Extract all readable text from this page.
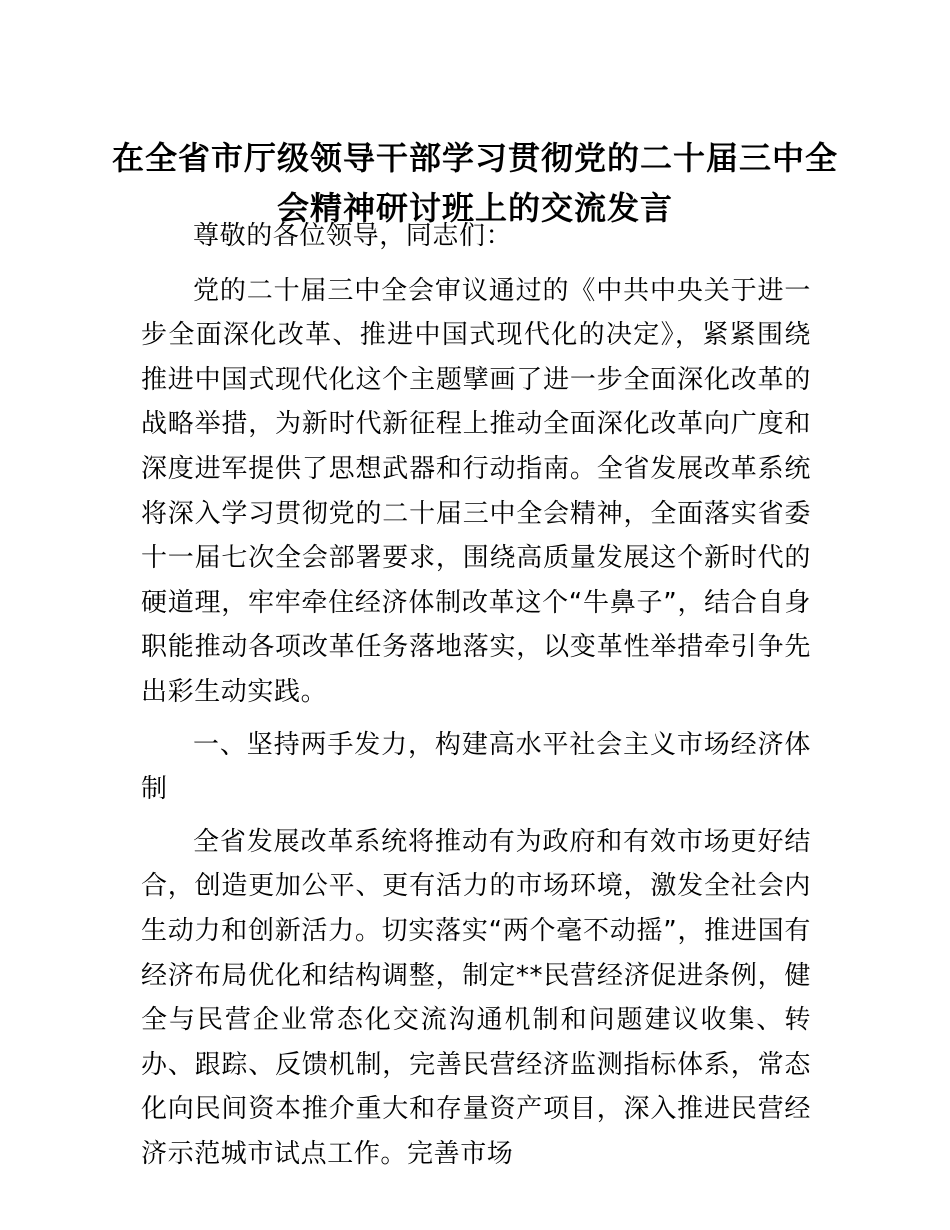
在全省市厅级领导干部学习贯彻党的二十届三中全会精神研讨班上的交流发言

尊敬的各位领导，同志们：

党的二十届三中全会审议通过的《中共中央关于进一步全面深化改革、推进中国式现代化的决定》，紧紧围绕推进中国式现代化这个主题擘画了进一步全面深化改革的战略举措，为新时代新征程上推动全面深化改革向广度和深度进军提供了思想武器和行动指南。全省发展改革系统将深入学习贯彻党的二十届三中全会精神，全面落实省委十一届七次全会部署要求，围绕高质量发展这个新时代的硬道理，牢牢牵住经济体制改革这个“牛鼻子”，结合自身职能推动各项改革任务落地落实，以变革性举措牵引争先出彩生动实践。

一、坚持两手发力，构建高水平社会主义市场经济体制

全省发展改革系统将推动有为政府和有效市场更好结合，创造更加公平、更有活力的市场环境，激发全社会内生动力和创新活力。切实落实“两个毫不动摇”，推进国有经济布局优化和结构调整，制定**民营经济促进条例，健全与民营企业常态化交流沟通机制和问题建议收集、转办、跟踪、反馈机制，完善民营经济监测指标体系，常态化向民间资本推介重大和存量资产项目，深入推进民营经济示范城市试点工作。完善市场
